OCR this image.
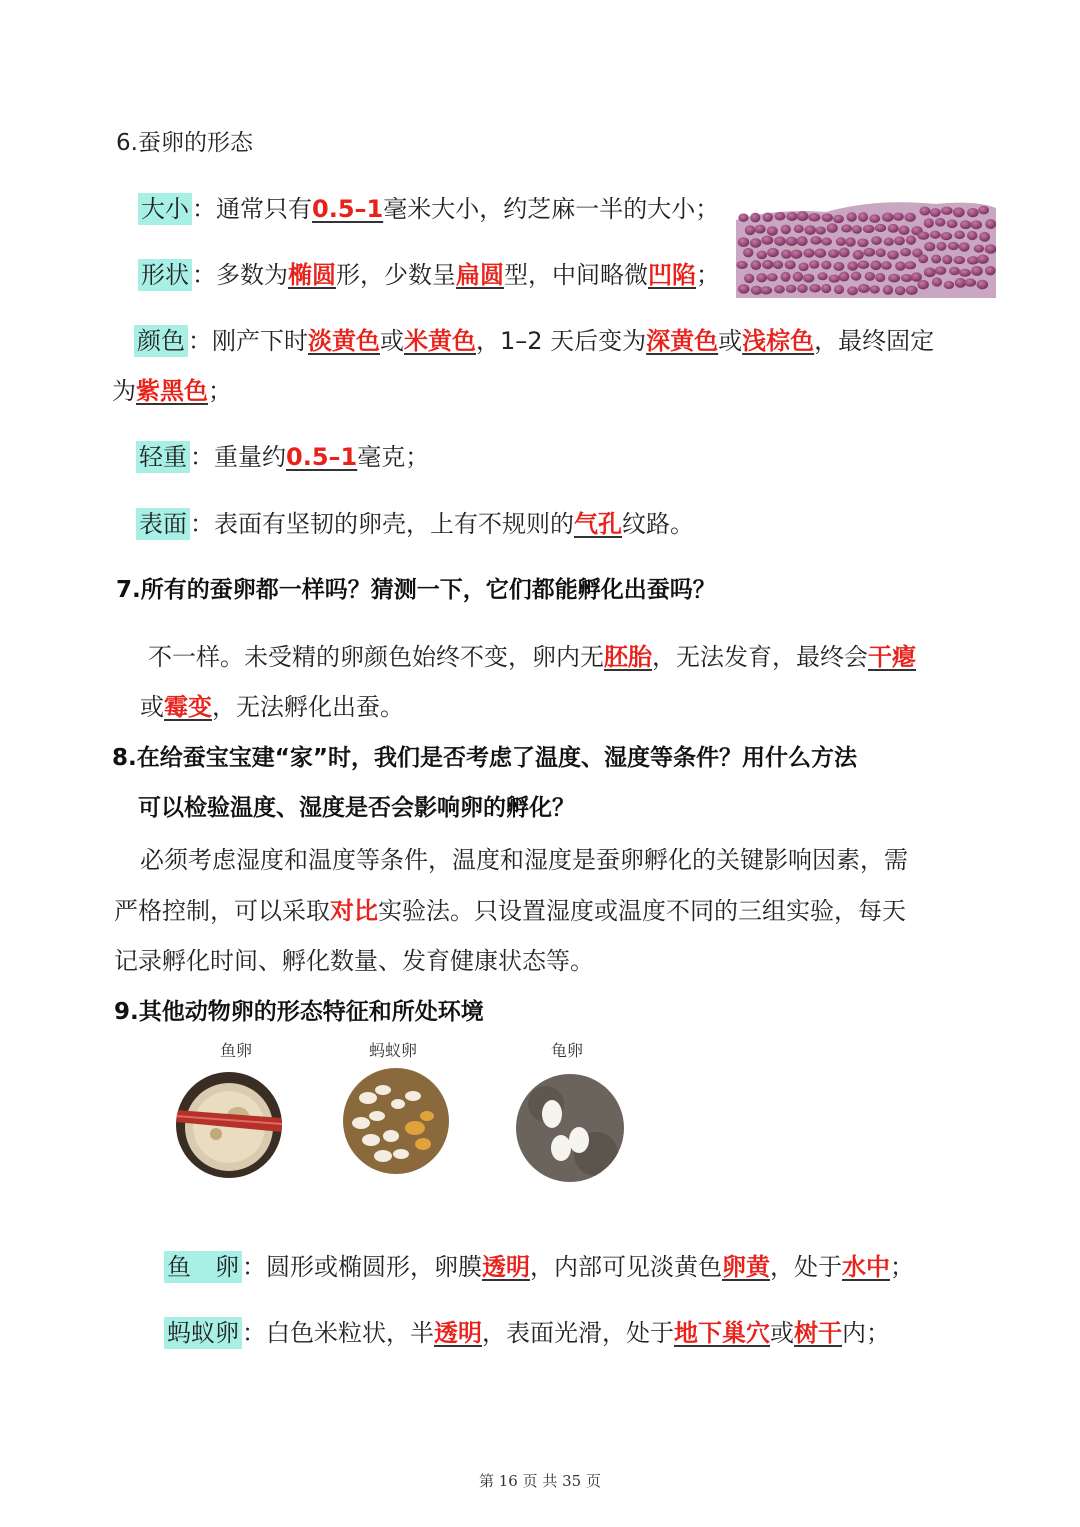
6.蚕卵的形态
大小 ：通常只有0.5–1毫米大小，约芝麻一半的大小；
形状 ：多数为椭圆形，少数呈扁圆型，中间略微凹陷；
颜色 ：刚产下时淡黄色或米黄色，1–2 天后变为深黄色或浅棕色，最终固定
为紫黑色；
轻重 ：重量约0.5–1毫克；
表面 ：表面有坚韧的卵壳，上有不规则的气孔纹路。
7.所有的蚕卵都一样吗？猜测一下，它们都能孵化出蚕吗？
不一样。未受精的卵颜色始终不变，卵内无胚胎，无法发育，最终会干瘪
或霉变，无法孵化出蚕。
8.在给蚕宝宝建“家”时，我们是否考虑了温度、湿度等条件？用什么方法
可以检验温度、湿度是否会影响卵的孵化？
必须考虑湿度和温度等条件，温度和湿度是蚕卵孵化的关键影响因素，需
严格控制，可以采取对比实验法。只设置湿度或温度不同的三组实验，每天
记录孵化时间、孵化数量、发育健康状态等。
9.其他动物卵的形态特征和所处环境
鱼卵	蚂蚁卵	龟卵
鱼　卵 ：圆形或椭圆形，卵膜透明，内部可见淡黄色卵黄，处于水中；
蚂蚁卵 ：白色米粒状，半透明，表面光滑，处于地下巢穴或树干内；
第 16 页 共 35 页
